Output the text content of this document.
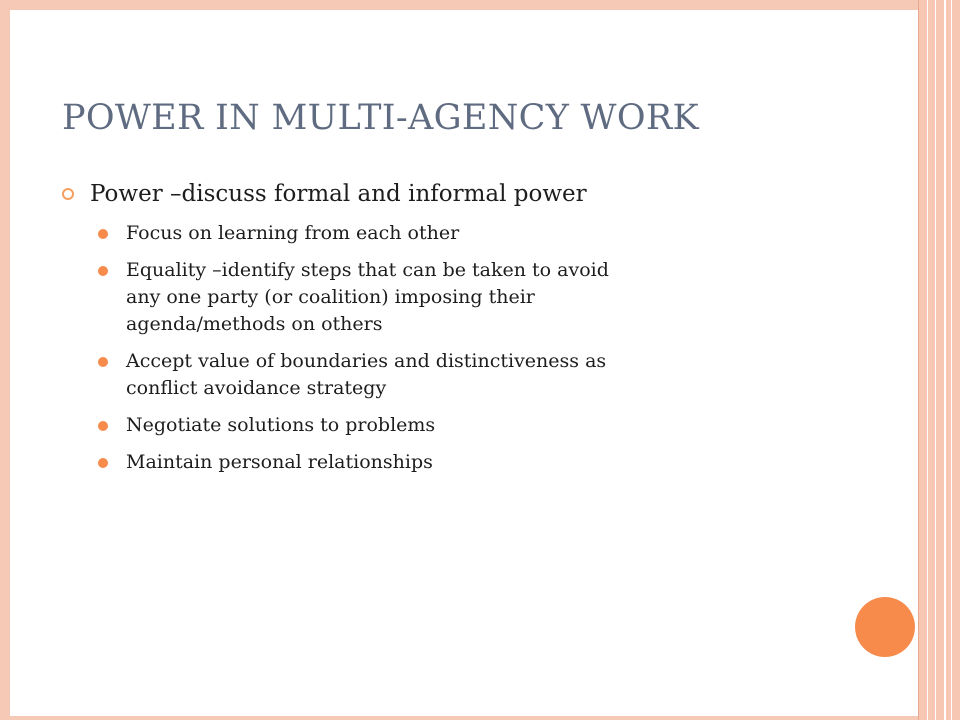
POWER IN MULTI-AGENCY WORK
Power –discuss formal and informal power
Focus on learning from each other
Equality –identify steps that can be taken to avoid
any one party (or coalition) imposing their
agenda/methods on others
Accept value of boundaries and distinctiveness as
conflict avoidance strategy
Negotiate solutions to problems
Maintain personal relationships
